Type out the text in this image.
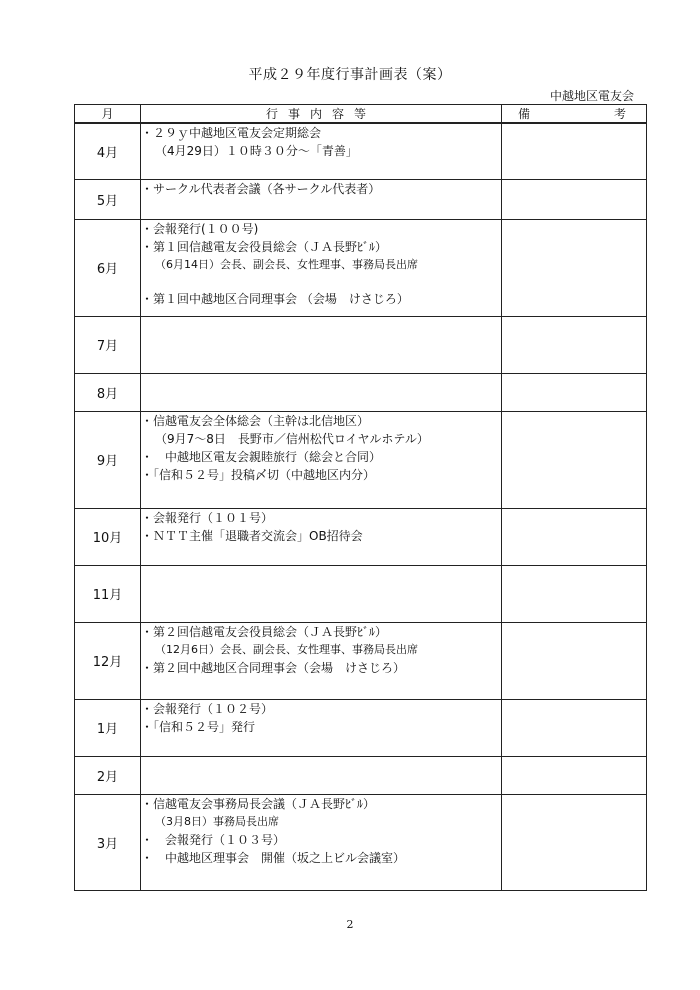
平成２９年度行事計画表（案）
中越地区電友会
月	行事内容等	備 考

4月	・２９ｙ中越地区電友会定期総会
（4月29日）１０時３０分～「青善」	

5月	・サークル代表者会議（各サークル代表者）	

6月	・会報発行(１００号)
・第１回信越電友会役員総会（ＪＡ長野ﾋﾞﾙ）
（6月14日）会長、副会長、女性理事、事務局長出席
・第１回中越地区合同理事会 （会場　けさじろ）	

7月		
8月		
9月	・信越電友会全体総会（主幹は北信地区）
（9月7～8日　長野市／信州松代ロイヤルホテル）
・　中越地区電友会親睦旅行（総会と合同）
・「信和５２号」投稿〆切（中越地区内分）	

10月	・会報発行（１０１号）
・ＮＴＴ主催「退職者交流会」OB招待会	

11月		
12月	・第２回信越電友会役員総会（ＪＡ長野ﾋﾞﾙ）
（12月6日）会長、副会長、女性理事、事務局長出席
・第２回中越地区合同理事会（会場　けさじろ）	

1月	・会報発行（１０２号）
・「信和５２号」発行	

2月		
3月	・信越電友会事務局長会議（ＪＡ長野ﾋﾞﾙ）
（3月8日）事務局長出席
・　会報発行（１０３号）
・　中越地区理事会　開催（坂之上ビル会議室）	

2
